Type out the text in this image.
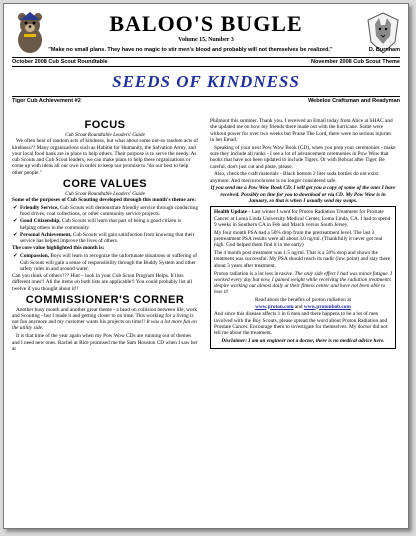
BALOO'S BUGLE
Volume 15, Number 3
"Make no small plans. They have no magic to stir men's blood and probably will not themselves be realized."	D. Burnham
October 2008 Cub Scout Roundtable	November 2008 Cub Scout Theme
SEEDS OF KINDNESS
Tiger Cub Achievement #2	Webelos Craftsman and Readyman
FOCUS
Cub Scout Roundtable Leaders' Guide

We often hear of random acts of kindness, but what about some not-so random acts of kindness?? Many organizations such as Habitat for Humanity, the Salvation Army, and your local food bank are in place to help others. Their purpose is to serve the needy. As cub Scouts and Cub Scout leaders, we can make plans to help these organizations or come up with ideas all our own in order to keep our promise to "do our best to help other people."

CORE VALUES
Cub Scout Roundtable Leaders' Guide

Some of the purposes of Cub Scouting developed through this month's theme are:

✔ Friendly Service, Cub Scouts will demonstrate friendly service through conducting food drives, coat collections, or other community service projects.
✔ Good Citizenship, Cub Scouts will learn that part of being a good citizen is helping others in the community.
✔ Personal Achievement, Cub Scouts will gain satisfaction from knowing that their service has helped improve the lives of others.

The core value highlighted this month is:

✔ Compassion, Boys will learn to recognize the unfortunate situations or suffering of Cub Scouts will gain a sense of responsibility through the Buddy System and other safety rules in and around water.

Can you think of others??? Hint – look in your Cub Scout Program Helps. It lists different ones!! All the items on both lists are applicable!! You could probably list all twelve if you thought about it!!

COMMISSIONER'S CORNER

Another busy month and another great theme - a head on collision between life, work and Scouting - but I made it and getting closer to on time. This working for a living is not fun anymore and my customer wants his projects on time!! It was a lot more fun on the utility side.

It is that time of the year again when my Pow Wow CDs are running out of themes and I need new ones. Rachel at Rice promised me the Sam Houston CD when I saw her at

Philmont this summer. Thank you. I received an Email today from Alice at SHAC and she updated me on how my friends there made out with the hurricane. Some were without power for over two weeks but Praise The Lord, there were no serious injuries in her Email.

Speaking of your next Pow Wow Book (CD), when you prep your ceremonies - make sure they include all ranks - I see a lot of advancement ceremonies in Pow Wow that books that have not been updated to include Tigers. Or with Bobcat after Tiger. Be careful, don't just cut and paste, please.

Also, check the craft materials - Black bottom 2 liter soda bottles do not exist anymore. And mercurochrome is no longer considered safe.

If you send me a Pow Wow Book CD, I will get you a copy of some of the ones I have received. Possibly on line for you to download or via CD. My Pow Wow is in January, so that is when I usually send my swaps.

Health Update - Last winter I went for Proton Radiation Treatment for Prostate Cancer at Loma Linda University Medical Center, Loma Linda, CA. I had to spend 9 weeks in Southern CA in Feb and March versus South Jersey.

My four month PSA had a 50% drop from the pretreatment level. The last 3 pretreatment PSA results were all about 3.0 ng/ml. (Thankfully it never got real high. God helped them find it in me early)

The 4 month post treatment was 1.5 ng/ml. That is a 50% drop and shows the treatment was successful. My PSA should reach its nadir (low point) and stay there about 3 years after treatment.

Proton radiation is a lot less invasive. The only side effect I had was minor fatigue. I worked every day but now, I gained weight while receiving the radiation treatments despite working out almost daily at their fitness center and have not been able to lose it!

Read about the benefits of proton radiation at
www.proton.com and www.protonbob.com

And since this disease affects 1 in 6 men and there happens to be a lot of men involved with the Boy Scouts, please spread the word about Proton Radiation and Prostate Cancer. Encourage them to investigate for themselves. My doctor did not tell me about the treatment.

Disclaimer: I am an engineer not a doctor, there is no medical advice here.
